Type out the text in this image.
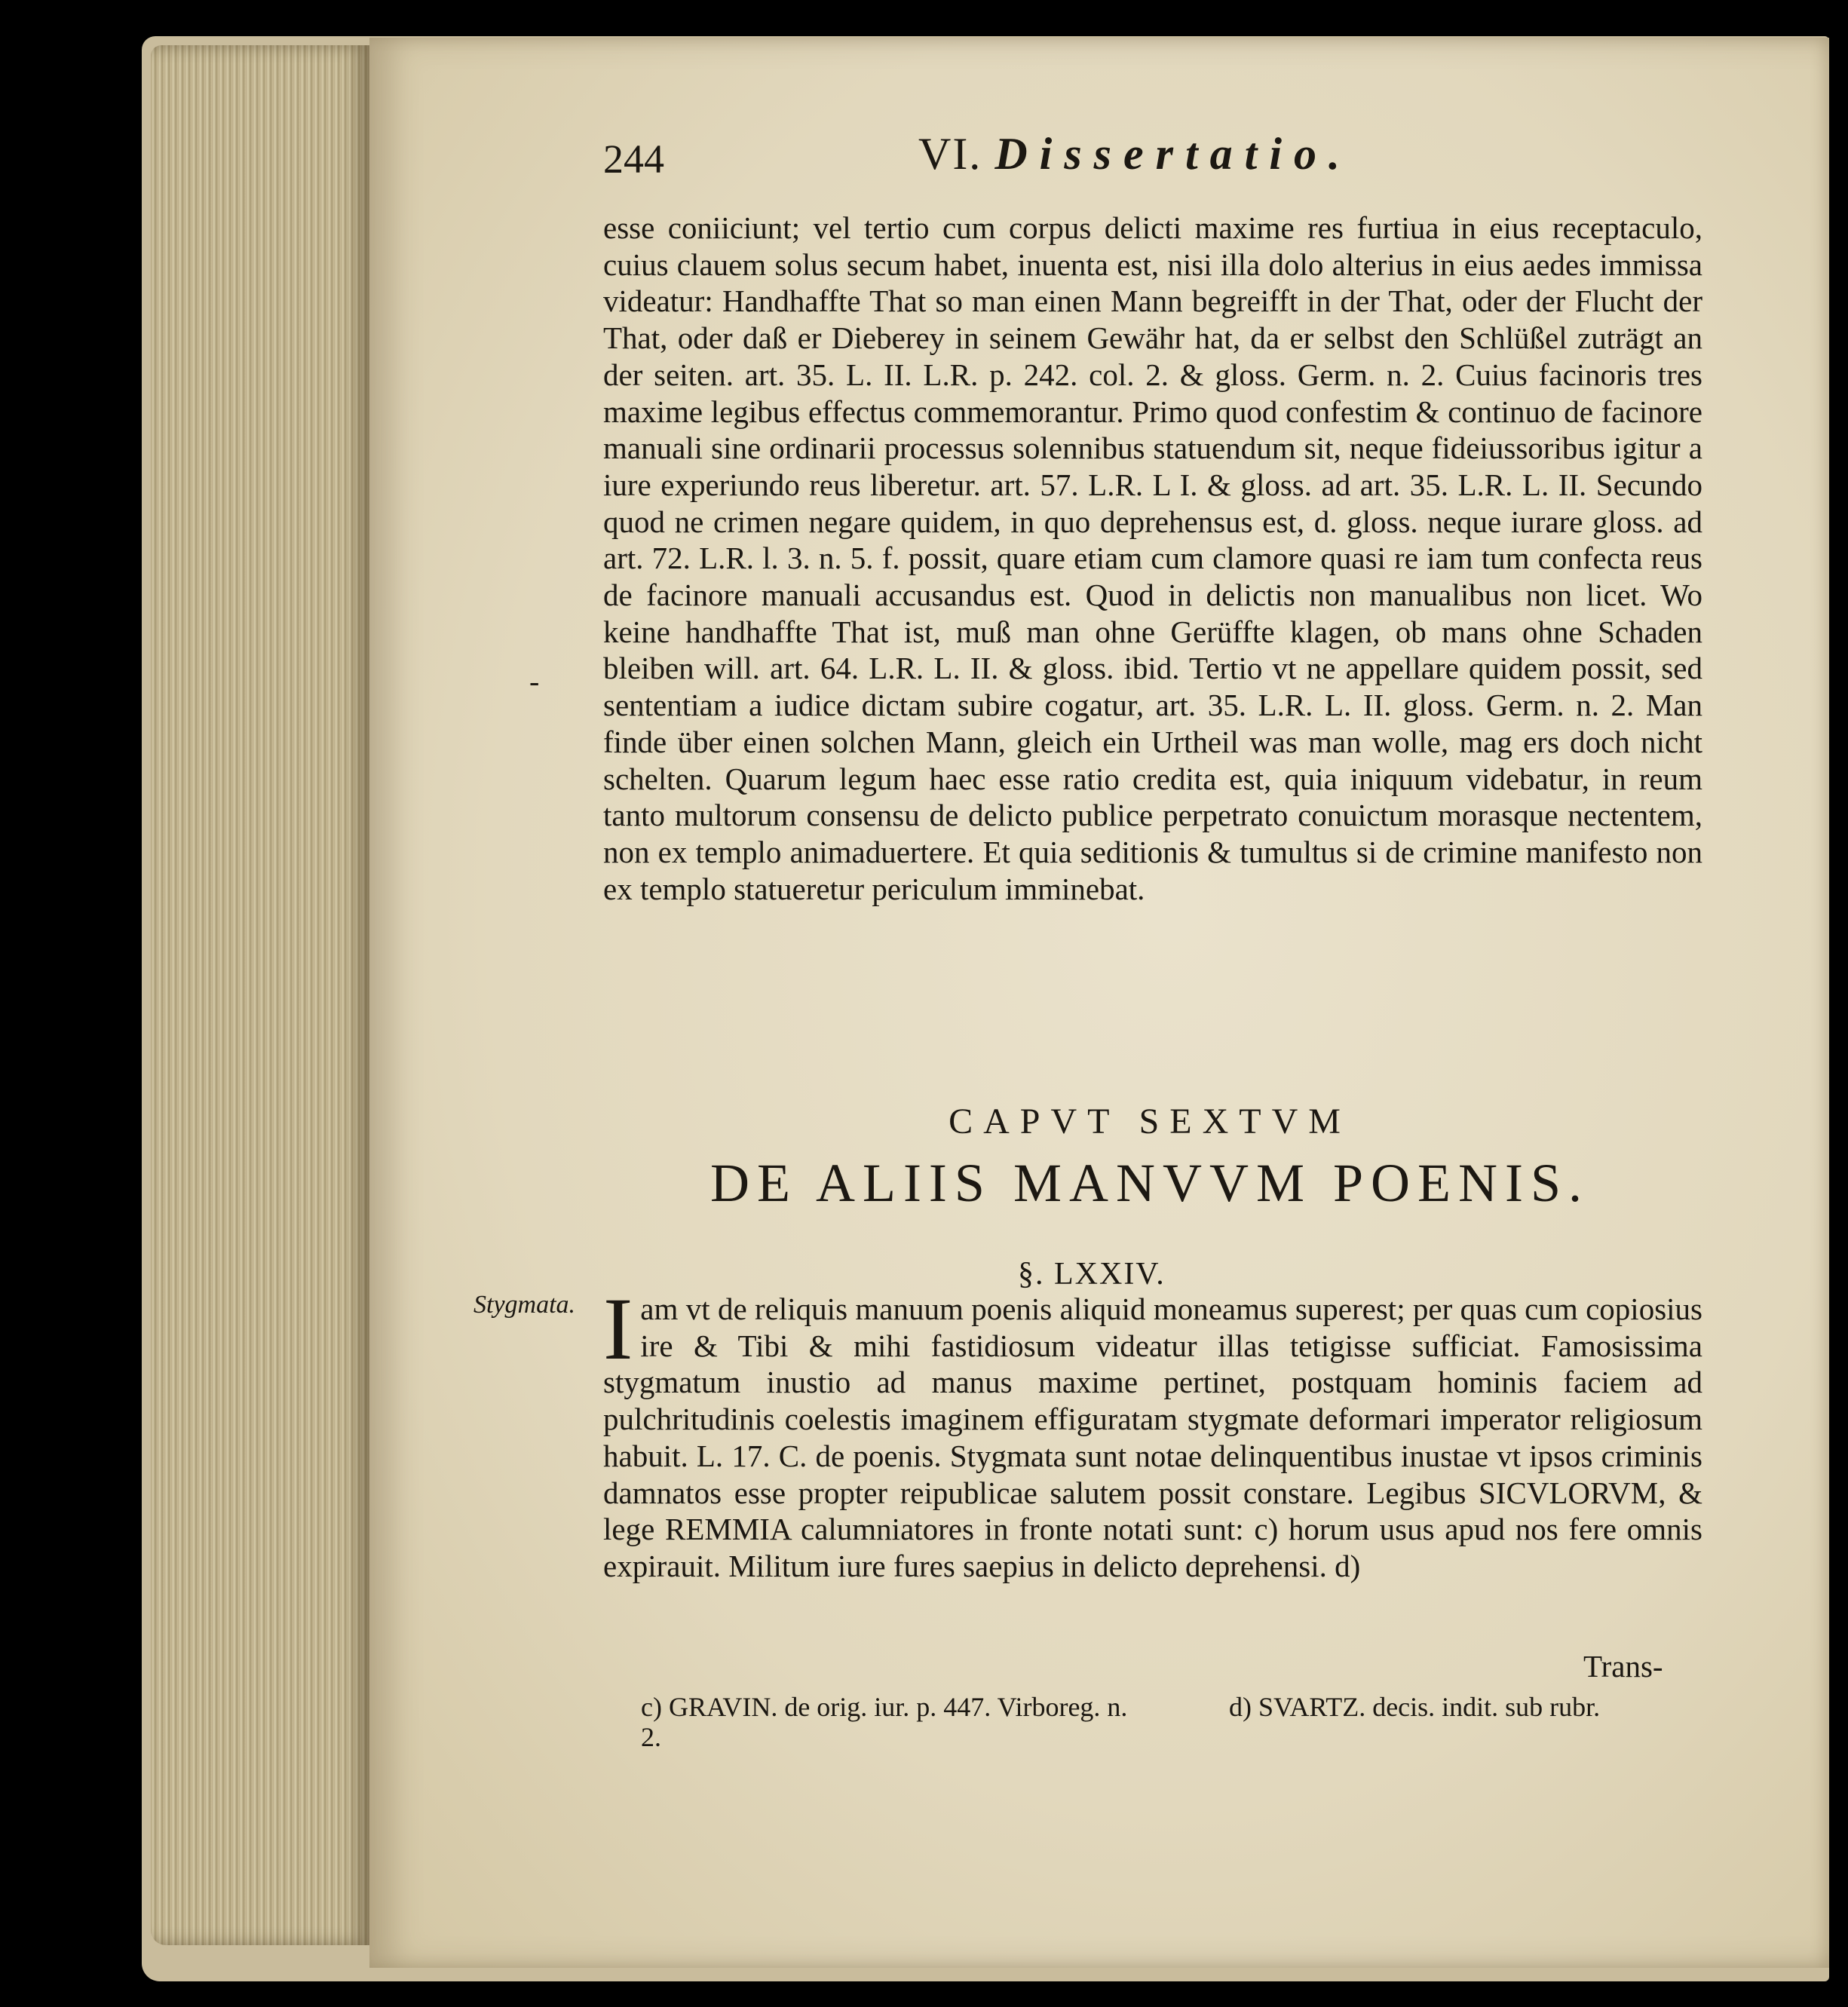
244	VI. Dissertatio.
esse coniiciunt; vel tertio cum corpus delicti maxime res furtiua in eius receptaculo, cuius clauem solus secum habet, inuenta est, nisi illa dolo alterius in eius aedes immissa videatur: Handhaffte That so man einen Mann begreifft in der That, oder der Flucht der That, oder daß er Dieberey in seinem Gewähr hat, da er selbst den Schlüßel zuträgt an der seiten. art. 35. L. II. L.R. p. 242. col. 2. & gloss. Germ. n. 2. Cuius facinoris tres maxime legibus effectus commemorantur. Primo quod confestim & continuo de facinore manuali sine ordinarii processus solennibus statuendum sit, neque fideiussoribus igitur a iure experiundo reus liberetur. art. 57. L.R. L I. & gloss. ad art. 35. L.R. L. II. Secundo quod ne crimen negare quidem, in quo deprehensus est, d. gloss. neque iurare gloss. ad art. 72. L.R. l. 3. n. 5. f. possit, quare etiam cum clamore quasi re iam tum confecta reus de facinore manuali accusandus est. Quod in delictis non manualibus non licet. Wo keine handhaffte That ist, muß man ohne Gerüffte klagen, ob mans ohne Schaden bleiben will. art. 64. L.R. L. II. & gloss. ibid. Tertio vt ne appellare quidem possit, sed sententiam a iudice dictam subire cogatur, art. 35. L.R. L. II. gloss. Germ. n. 2. Man finde über einen solchen Mann, gleich ein Urtheil was man wolle, mag ers doch nicht schelten. Quarum legum haec esse ratio credita est, quia iniquum videbatur, in reum tanto multorum consensu de delicto publice perpetrato conuictum morasque nectentem, non ex templo animaduertere. Et quia seditionis & tumultus si de crimine manifesto non ex templo statueretur periculum imminebat.
-
CAPVT SEXTVM
DE ALIIS MANVVM POENIS.
§. LXXIV.
Stygmata. I am vt de reliquis manuum poenis aliquid moneamus superest; per quas cum copiosius ire & Tibi & mihi fastidiosum videatur illas tetigisse sufficiat. Famosissima stygmatum inustio ad manus maxime pertinet, postquam hominis faciem ad pulchritudinis coelestis imaginem effiguratam stygmate deformari imperator religiosum habuit. L. 17. C. de poenis. Stygmata sunt notae delinquentibus inustae vt ipsos criminis damnatos esse propter reipublicae salutem possit constare. Legibus SICVLORVM, & lege REMMIA calumniatores in fronte notati sunt: c) horum usus apud nos fere omnis expirauit. Militum iure fures saepius in delicto deprehensi. d)
Trans-
c) GRAVIN. de orig. iur. p. 447. Virboreg. n. 2.
d) SVARTZ. decis. indit. sub rubr.
